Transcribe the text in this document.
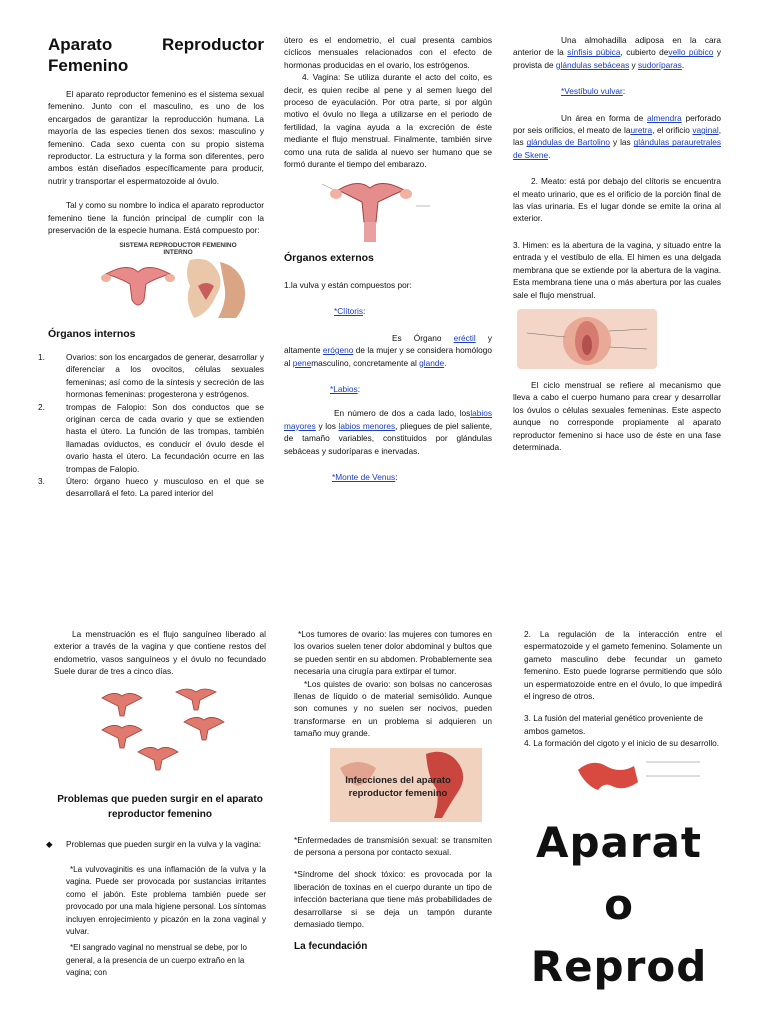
Aparato Reproductor Femenino

El aparato reproductor femenino es el sistema sexual femenino. Junto con el masculino, es uno de los encargados de garantizar la reproducción humana. La mayoría de las especies tienen dos sexos: masculino y femenino. Cada sexo cuenta con su propio sistema reproductor. La estructura y la forma son diferentes, pero ambos están diseñados específicamente para producir, nutrir y transportar el espermatozoide al óvulo.

Tal y como su nombre lo indica el aparato reproductor femenino tiene la función principal de cumplir con la preservación de la especie humana. Está compuesto por:

SISTEMA REPRODUCTOR FEMENINO INTERNO
Órganos internos
1.	Ovarios: son los encargados de generar, desarrollar y diferenciar a los ovocitos, células sexuales femeninas; así como de la síntesis y secreción de las hormonas femeninas: progesterona y estrógenos.
2.	trompas de Falopio: Son dos conductos que se originan cerca de cada ovario y que se extienden hasta el útero. La función de las trompas, también llamadas oviductos, es conducir el óvulo desde el ovario hasta el útero. La fecundación ocurre en las trompas de Falopio.
3.	Útero: órgano hueco y musculoso en el que se desarrollará el feto. La pared interior del

útero es el endometrio, el cual presenta cambios cíclicos mensuales relacionados con el efecto de hormonas producidas en el ovario, los estrógenos.

4. Vagina: Se utiliza durante el acto del coito, es decir, es quien recibe al pene y al semen luego del proceso de eyaculación. Por otra parte, si por algún motivo el óvulo no llega a utilizarse en el periodo de fertilidad, la vagina ayuda a la excreción de éste mediante el flujo menstrual. Finalmente, también sirve como una ruta de salida al nuevo ser humano que se formó durante el tiempo del embarazo.

Órganos externos

1.la vulva y están compuestos por:

*Clítoris:

Es Órgano eréctil y altamente erógeno de la mujer y se considera homólogo al penemasculino, concretamente al glande.

*Labios:

En número de dos a cada lado, loslabios mayores y los labios menores, pliegues de piel saliente, de tamaño variables, constituidos por glándulas sebáceas y sudoríparas e inervadas.

*Monte de Venus:

Una almohadilla adiposa en la cara anterior de la sínfisis púbica, cubierto devello púbico y provista de glándulas sebáceas y sudoríparas.

*Vestíbulo vulvar:

Un área en forma de almendra perforado por seis orificios, el meato de lauretra, el orificio vaginal, las glándulas de Bartolino y las glándulas parauretrales de Skene.

2. Meato: está por debajo del clítoris se encuentra el meato urinario, que es el orificio de la porción final de las vías urinaria. Es el lugar donde se emite la orina al exterior.

3. Himen: es la abertura de la vagina, y situado entre la entrada y el vestíbulo de ella. El himen es una delgada membrana que se extiende por la abertura de la vagina. Esta membrana tiene una o más abertura por las cuales sale el flujo menstrual.

El ciclo menstrual se refiere al mecanismo que lleva a cabo el cuerpo humano para crear y desarrollar los óvulos o células sexuales femeninas. Este aspecto aunque no corresponde propiamente al aparato reproductor femenino si hace uso de éste en una fase determinada.

La menstruación es el flujo sanguíneo liberado al exterior a través de la vagina y que contiene restos del endometrio, vasos sanguíneos y el óvulo no fecundado Suele durar de tres a cinco días.

Problemas que pueden surgir en el aparato reproductor femenino

◆ Problemas que pueden surgir en la vulva y la vagina:

*La vulvovaginitis es una inflamación de la vulva y la vagina. Puede ser provocada por sustancias irritantes como el jabón. Este problema también puede ser provocado por una mala higiene personal. Los síntomas incluyen enrojecimiento y picazón en la zona vaginal y vulvar.

*El sangrado vaginal no menstrual se debe, por lo general, a la presencia de un cuerpo extraño en la vagina; con

*Los tumores de ovario: las mujeres con tumores en los ovarios suelen tener dolor abdominal y bultos que se pueden sentir en su abdomen. Probablemente sea necesaria una cirugía para extirpar el tumor.

*Los quistes de ovario: son bolsas no cancerosas llenas de líquido o de material semisólido. Aunque son comunes y no suelen ser nocivos, pueden transformarse en un problema si adquieren un tamaño muy grande.

Infecciones del aparato reproductor femenino

*Enfermedades de transmisión sexual: se transmiten de persona a persona por contacto sexual.

*Síndrome del shock tóxico: es provocada por la liberación de toxinas en el cuerpo durante un tipo de infección bacteriana que tiene más probabilidades de desarrollarse si se deja un tampón durante demasiado tiempo.

La fecundación

2. La regulación de la interacción entre el espermatozoide y el gameto femenino. Solamente un gameto masculino debe fecundar un gameto femenino. Esto puede lograrse permitiendo que sólo un espermatozoide entre en el óvulo, lo que impedirá el ingreso de otros.

3. La fusión del material genético proveniente de ambos gametos.

4. La formación del cigoto y el inicio de su desarrollo.

Aparato Reprod
